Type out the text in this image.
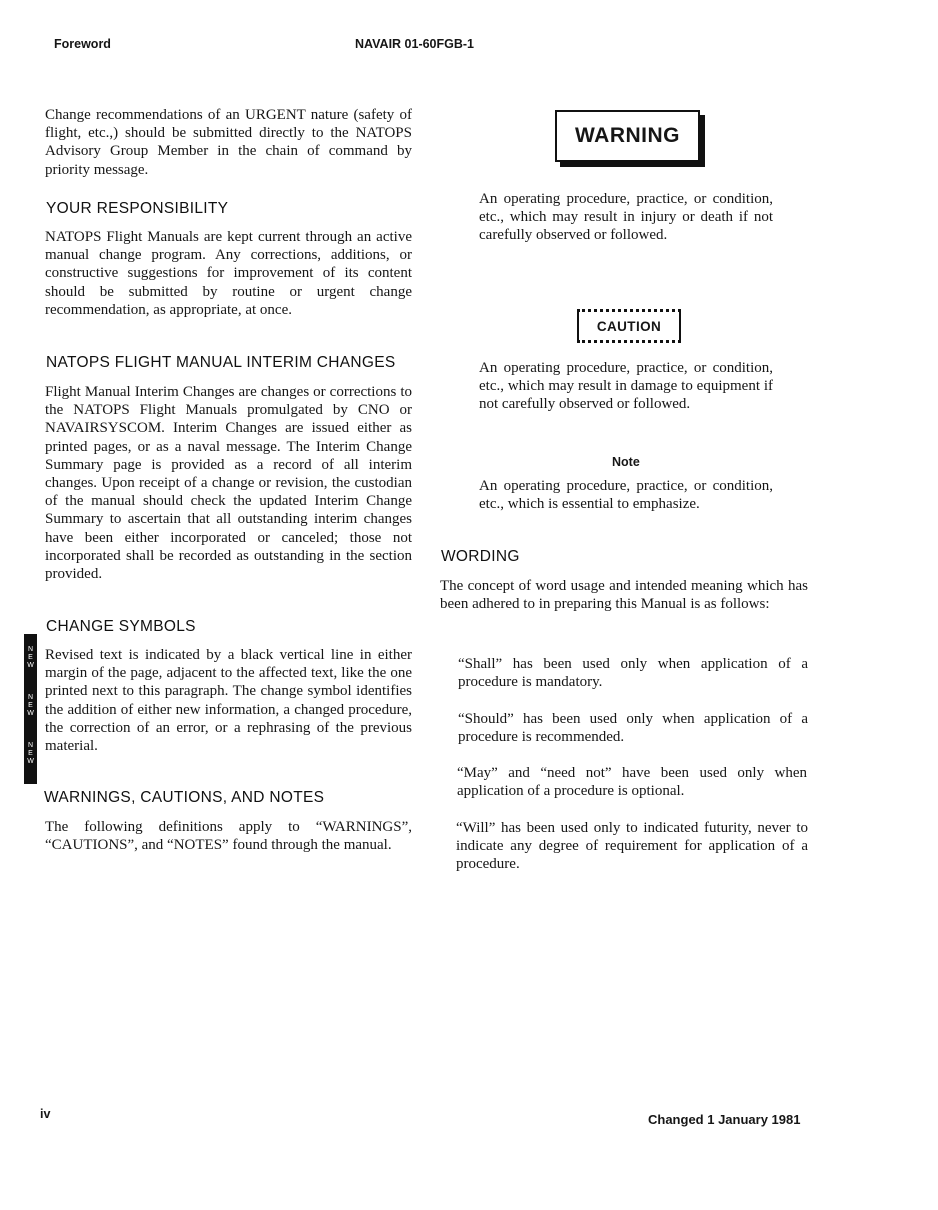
Foreword	NAVAIR 01-60FGB-1

Change recommendations of an URGENT nature (safety of flight, etc.,) should be submitted directly to the NATOPS Advisory Group Member in the chain of command by priority message.

YOUR RESPONSIBILITY

NATOPS Flight Manuals are kept current through an active manual change program. Any corrections, additions, or constructive suggestions for improvement of its content should be submitted by routine or urgent change recommendation, as appropriate, at once.

NATOPS FLIGHT MANUAL INTERIM CHANGES

Flight Manual Interim Changes are changes or corrections to the NATOPS Flight Manuals promulgated by CNO or NAVAIRSYSCOM. Interim Changes are issued either as printed pages, or as a naval message. The Interim Change Summary page is provided as a record of all interim changes. Upon receipt of a change or revision, the custodian of the manual should check the updated Interim Change Summary to ascertain that all outstanding interim changes have been either incorporated or canceled; those not incorporated shall be recorded as outstanding in the section provided.

CHANGE SYMBOLS
N
E
W
N
E
W
N
E
W

Revised text is indicated by a black vertical line in either margin of the page, adjacent to the affected text, like the one printed next to this paragraph. The change symbol identifies the addition of either new information, a changed procedure, the correction of an error, or a rephrasing of the previous material.

WARNINGS, CAUTIONS, AND NOTES

The following definitions apply to “WARNINGS”, “CAUTIONS”, and “NOTES” found through the manual.

WARNING

An operating procedure, practice, or condition, etc., which may result in injury or death if not carefully observed or followed.

CAUTION

An operating procedure, practice, or condition, etc., which may result in damage to equipment if not carefully observed or followed.

Note

An operating procedure, practice, or condition, etc., which is essential to emphasize.

WORDING

The concept of word usage and intended meaning which has been adhered to in preparing this Manual is as follows:

“Shall” has been used only when application of a procedure is mandatory.

“Should” has been used only when application of a procedure is recommended.

“May” and “need not” have been used only when application of a procedure is optional.

“Will” has been used only to indicated futurity, never to indicate any degree of requirement for application of a procedure.

iv	Changed 1 January 1981
